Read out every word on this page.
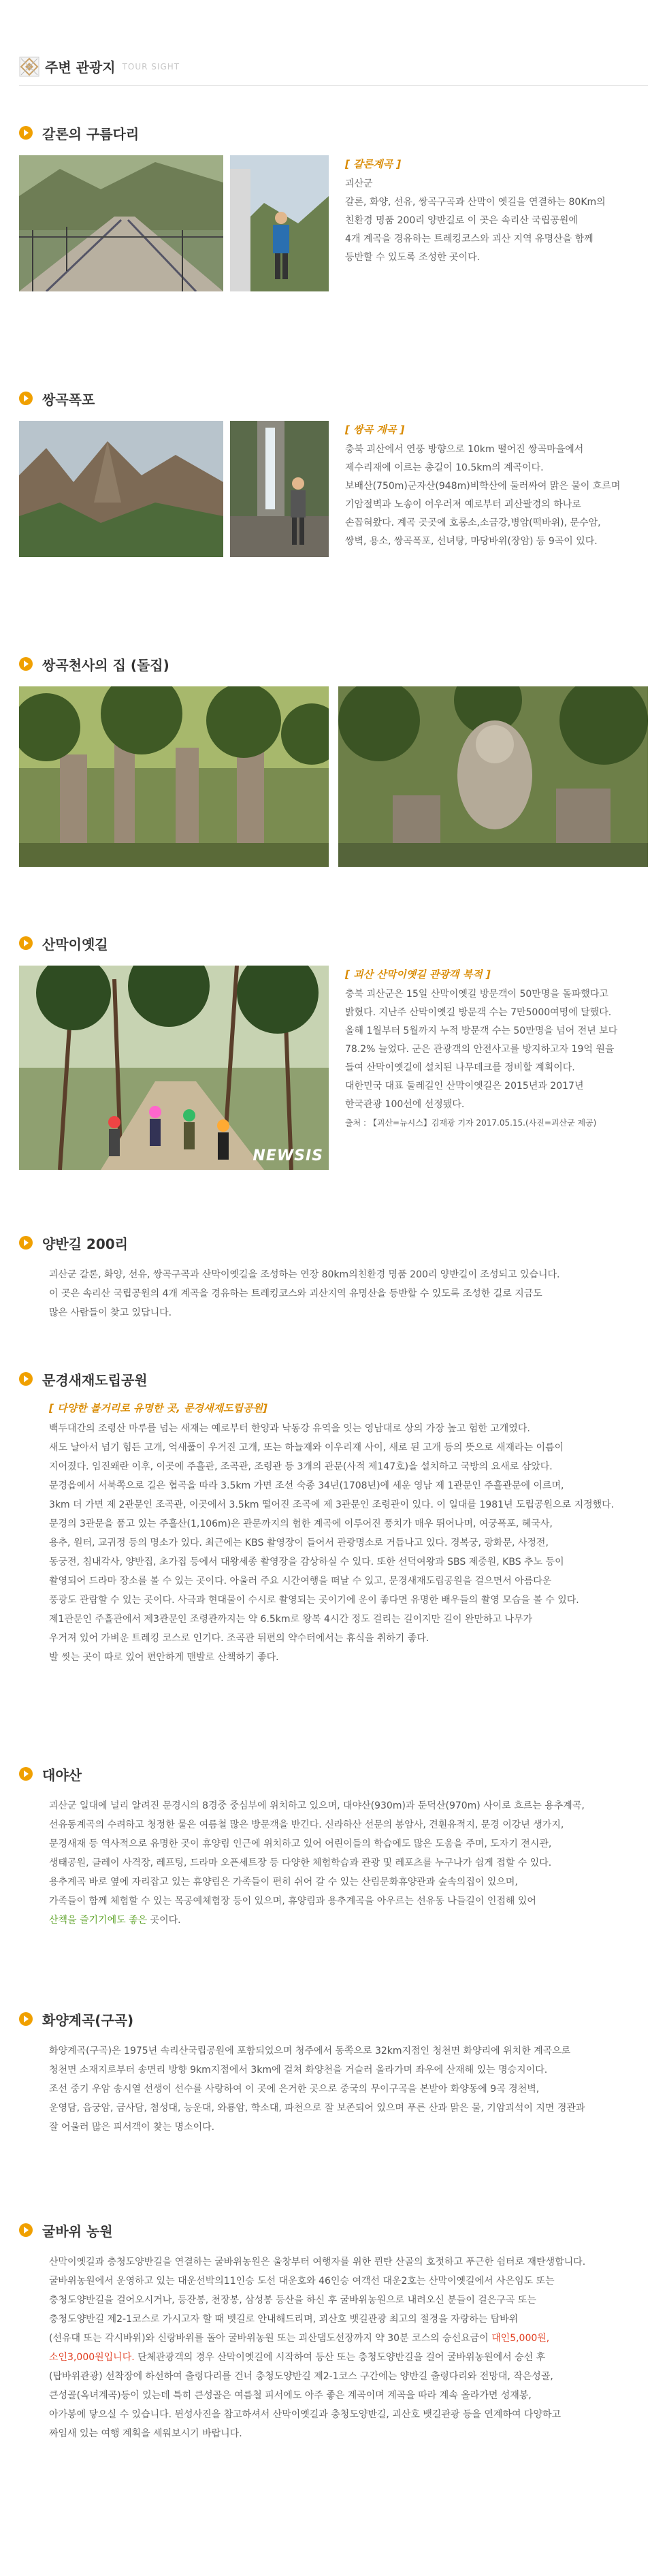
주변 관광지 TOUR SIGHT
갈론의 구름다리
[ 갈론계곡 ]
괴산군
갈론, 화양, 선유, 쌍곡구곡과 산막이 옛길을 연결하는 80Km의
친환경 명품 200리 양반길로 이 곳은 속리산 국립공원에
4개 계곡을 경유하는 트레킹코스와 괴산 지역 유명산을 함께
등반할 수 있도록 조성한 곳이다.
쌍곡폭포
[ 쌍곡 계곡 ]
충북 괴산에서 연풍 방향으로 10km 떨어진 쌍곡마을에서
제수리재에 이르는 총길이 10.5km의 계곡이다.
보배산(750m)군자산(948m)비학산에 둘러싸여 맑은 물이 흐르며
기암절벽과 노송이 어우러져 예로부터 괴산팔경의 하나로
손꼽혀왔다. 계곡 곳곳에 호롱소,소금강,병암(떡바위), 문수암,
쌍벽, 용소, 쌍곡폭포, 선녀탕, 마당바위(장암) 등 9곡이 있다.
쌍곡천사의 집 (돌집)
산막이옛길
NEWSIS
[ 괴산 산막이옛길 관광객 북적 ]
충북 괴산군은 15일 산막이옛길 방문객이 50만명을 돌파했다고
밝혔다. 지난주 산막이옛길 방문객 수는 7만5000여명에 달했다.
올해 1월부터 5월까지 누적 방문객 수는 50만명을 넘어 전년 보다
78.2% 늘었다. 군은 관광객의 안전사고를 방지하고자 19억 원을
들여 산막이옛길에 설치된 나무데크를 정비할 계획이다.
대한민국 대표 둘레길인 산막이옛길은 2015년과 2017년
한국관광 100선에 선정됐다.
출처 : 【괴산=뉴시스】김재광 기자 2017.05.15.(사진=괴산군 제공)
양반길 200리

괴산군 갈론, 화양, 선유, 쌍곡구곡과 산막이옛길을 조성하는 연장 80km의친환경 명품 200리 양반길이 조성되고 있습니다.

이 곳은 속리산 국립공원의 4개 계곡을 경유하는 트레킹코스와 괴산지역 유명산을 등반할 수 있도록 조성한 길로 지금도

많은 사람들이 찾고 있답니다.

문경새재도립공원
[ 다양한 볼거리로 유명한 곳, 문경새재도립공원]

백두대간의 조령산 마루를 넘는 새재는 예로부터 한양과 낙동강 유역을 잇는 영남대로 상의 가장 높고 험한 고개였다.

새도 날아서 넘기 힘든 고개, 억새풀이 우거진 고개, 또는 하늘재와 이우리재 사이, 새로 된 고개 등의 뜻으로 새재라는 이름이

지어졌다. 임진왜란 이후, 이곳에 주흘관, 조곡관, 조령관 등 3개의 관문(사적 제147호)을 설치하고 국방의 요새로 삼았다.

문경읍에서 서북쪽으로 길은 협곡을 따라 3.5km 가면 조선 숙종 34년(1708년)에 세운 영남 제 1관문인 주흘관문에 이르며,

3km 더 가면 제 2관문인 조곡관, 이곳에서 3.5km 떨어진 조곡에 제 3관문인 조령관이 있다. 이 일대를 1981년 도립공원으로 지정했다.

문경의 3관문을 품고 있는 주흘산(1,106m)은 관문까지의 험한 계곡에 이루어진 풍치가 매우 뛰어나며, 여궁폭포, 혜국사,

용추, 원터, 교귀정 등의 명소가 있다. 최근에는 KBS 촬영장이 들어서 관광명소로 거듭나고 있다. 경복궁, 광화문, 사정전,

동궁전, 침내각사, 양반집, 초가집 등에서 대왕세종 촬영장을 감상하실 수 있다. 또한 선덕여왕과 SBS 제중원, KBS 추노 등이

촬영되어 드라마 장소를 볼 수 있는 곳이다. 아울러 주요 시간여행을 떠날 수 있고, 문경새재도립공원을 걸으면서 아름다운

풍광도 관람할 수 있는 곳이다. 사극과 현대물이 수시로 촬영되는 곳이기에 운이 좋다면 유명한 배우들의 촬영 모습을 볼 수 있다.

제1관문인 주흘관에서 제3관문인 조령관까지는 약 6.5km로 왕복 4시간 정도 걸리는 길이지만 길이 완만하고 나무가

우거져 있어 가벼운 트레킹 코스로 인기다. 조곡관 뒤편의 약수터에서는 휴식을 취하기 좋다.

발 씻는 곳이 따로 있어 편안하게 맨발로 산책하기 좋다.

대야산

괴산군 일대에 널리 알려진 문경시의 8경중 중심부에 위치하고 있으며, 대야산(930m)과 둔덕산(970m) 사이로 흐르는 용추계곡,

선유동계곡의 수려하고 청정한 물은 여름철 많은 방문객을 반긴다. 신라하산 선문의 봉암사, 견훤유적지, 문경 이강년 생가지,

문경새재 등 역사적으로 유명한 곳이 휴양림 인근에 위치하고 있어 어린이들의 학습에도 많은 도움을 주며, 도자기 전시관,

생태공원, 클레이 사격장, 레프팅, 드라마 오픈세트장 등 다양한 체험학습과 관광 및 레포츠를 누구나가 쉽게 접할 수 있다.

용추계곡 바로 옆에 자리잡고 있는 휴양림은 가족들이 편히 쉬어 갈 수 있는 산림문화휴양관과 숲속의집이 있으며,

가족들이 함께 체험할 수 있는 목공예체험장 등이 있으며, 휴양림과 용추계곡을 아우르는 선유동 나들길이 인접해 있어

산책을 즐기기에도 좋은 곳이다.

화양계곡(구곡)

화양계곡(구곡)은 1975년 속리산국립공원에 포함되었으며 청주에서 동쪽으로 32km지점인 청천면 화양리에 위치한 계곡으로

청천면 소재지로부터 송면리 방향 9km지점에서 3km에 걸쳐 화양천을 거슬러 올라가며 좌우에 산재해 있는 명승지이다.

조선 중기 우암 송시열 선생이 선수를 사랑하여 이 곳에 은거한 곳으로 중국의 무이구곡을 본받아 화양동에 9곡 경천벽,

운영담, 읍궁암, 금사담, 첨성대, 능운대, 와룡암, 학소대, 파천으로 잘 보존되어 있으며 푸른 산과 맑은 물, 기암괴석이 지면 경관과

잘 어울러 많은 피서객이 찾는 명소이다.

굴바위 농원

산막이옛길과 충청도양반길을 연결하는 굴바위농원은 울창부터 여행자를 위한 뮌탄 산골의 호젓하고 푸근한 쉼터로 재탄생합니다.

굴바위농원에서 운영하고 있는 대운선박의11인승 도선 대운호와 46인승 여객선 대운2호는 산막이옛길에서 사은임도 또는

충청도양반길을 걸어오시거나, 등잔봉, 천장봉, 삼성봉 등산을 하신 후 굴바위농원으로 내려오신 분들이 걸은구곡 또는

충청도양반길 제2-1코스로 가시고자 할 때 벳길로 안내해드리며, 괴산호 뱃길관광 최고의 절경을 자랑하는 탑바위

(선유대 또는 각시바위)와 신랑바위를 돌아 굴바위농원 또는 괴산댐도선장까지 약 30분 코스의 승선요금이 대인5,000원,

소인3,000원입니다. 단체관광객의 경우 산막이옛길에 시작하여 등산 또는 충청도양반길을 걸어 굴바위농원에서 승선 후

(탑바위관광) 선착장에 하선하여 출렁다리를 건너 충청도양반길 제2-1코스 구간에는 양반길 출렁다리와 전망대, 작은성골,

큰성골(옥녀계곡)등이 있는데 특히 큰성골은 여름철 피서에도 아주 좋은 계곡이며 계곡을 따라 계속 올라가면 성재봉,

아가봉에 닿으실 수 있습니다. 뮌성사진을 참고하셔서 산막이옛길과 충청도양반길, 괴산호 뱃길관광 등을 연계하여 다양하고

짜임새 있는 여행 계획을 세워보시기 바랍니다.
